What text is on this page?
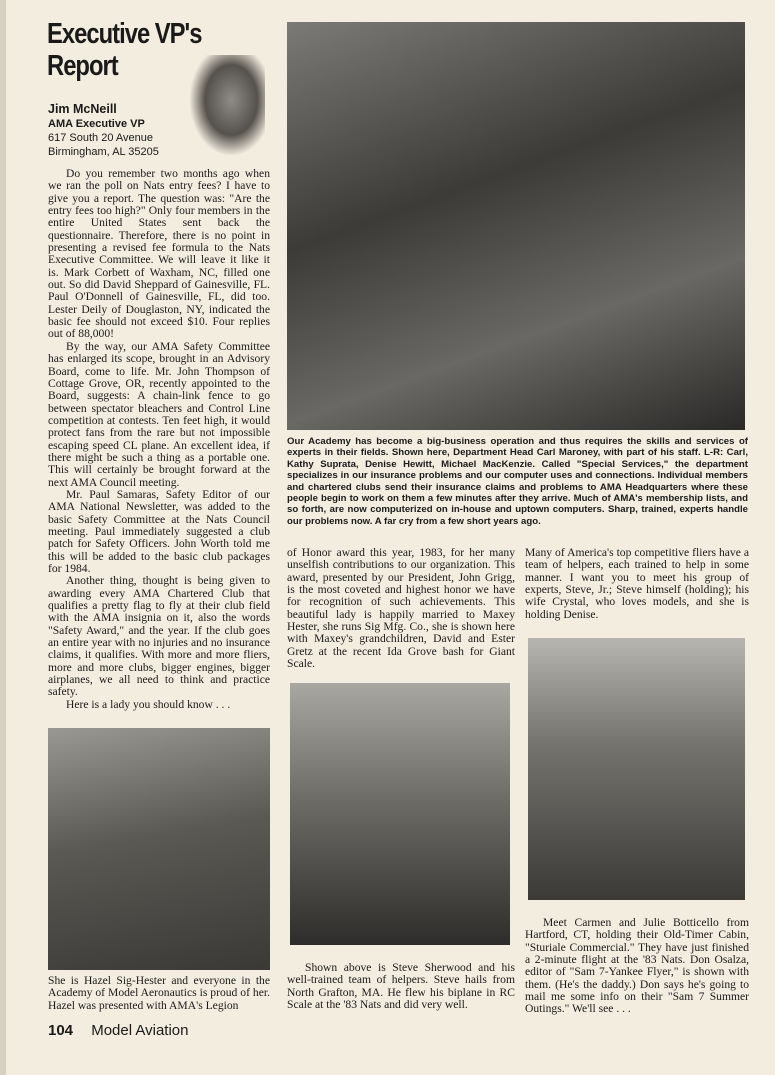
Executive VP's
Report
Jim McNeill
AMA Executive VP
617 South 20 Avenue
Birmingham, AL 35205

Do you remember two months ago when we ran the poll on Nats entry fees? I have to give you a report. The question was: "Are the entry fees too high?" Only four members in the entire United States sent back the questionnaire. Therefore, there is no point in presenting a revised fee formula to the Nats Executive Committee. We will leave it like it is. Mark Corbett of Waxham, NC, filled one out. So did David Sheppard of Gainesville, FL. Paul O'Donnell of Gainesville, FL, did too. Lester Deily of Douglaston, NY, indicated the basic fee should not exceed $10. Four replies out of 88,000!

By the way, our AMA Safety Committee has enlarged its scope, brought in an Advisory Board, come to life. Mr. John Thompson of Cottage Grove, OR, recently appointed to the Board, suggests: A chain-link fence to go between spectator bleachers and Control Line competition at contests. Ten feet high, it would protect fans from the rare but not impossible escaping speed CL plane. An excellent idea, if there might be such a thing as a portable one. This will certainly be brought forward at the next AMA Council meeting.

Mr. Paul Samaras, Safety Editor of our AMA National Newsletter, was added to the basic Safety Committee at the Nats Council meeting. Paul immediately suggested a club patch for Safety Officers. John Worth told me this will be added to the basic club packages for 1984.

Another thing, thought is being given to awarding every AMA Chartered Club that qualifies a pretty flag to fly at their club field with the AMA insignia on it, also the words "Safety Award," and the year. If the club goes an entire year with no injuries and no insurance claims, it qualifies. With more and more fliers, more and more clubs, bigger engines, bigger airplanes, we all need to think and practice safety.

Here is a lady you should know . . .

Our Academy has become a big-business operation and thus requires the skills and services of experts in their fields. Shown here, Department Head Carl Maroney, with part of his staff. L-R: Carl, Kathy Suprata, Denise Hewitt, Michael MacKenzie. Called "Special Services," the department specializes in our insurance problems and our computer uses and connections. Individual members and chartered clubs send their insurance claims and problems to AMA Headquarters where these people begin to work on them a few minutes after they arrive. Much of AMA's membership lists, and so forth, are now computerized on in-house and uptown computers. Sharp, trained, experts handle our problems now. A far cry from a few short years ago.

of Honor award this year, 1983, for her many unselfish contributions to our organization. This award, presented by our President, John Grigg, is the most coveted and highest honor we have for recognition of such achievements. This beautiful lady is happily married to Maxey Hester, she runs Sig Mfg. Co., she is shown here with Maxey's grandchildren, David and Ester Gretz at the recent Ida Grove bash for Giant Scale.

Many of America's top competitive fliers have a team of helpers, each trained to help in some manner. I want you to meet his group of experts, Steve, Jr.; Steve himself (holding); his wife Crystal, who loves models, and she is holding Denise.

She is Hazel Sig-Hester and everyone in the Academy of Model Aeronautics is proud of her. Hazel was presented with AMA's Legion

Shown above is Steve Sherwood and his well-trained team of helpers. Steve hails from North Grafton, MA. He flew his biplane in RC Scale at the '83 Nats and did very well.

Meet Carmen and Julie Botticello from Hartford, CT, holding their Old-Timer Cabin, "Sturiale Commercial." They have just finished a 2-minute flight at the '83 Nats. Don Osalza, editor of "Sam 7-Yankee Flyer," is shown with them. (He's the daddy.) Don says he's going to mail me some info on their "Sam 7 Summer Outings." We'll see . . .

104 Model Aviation
